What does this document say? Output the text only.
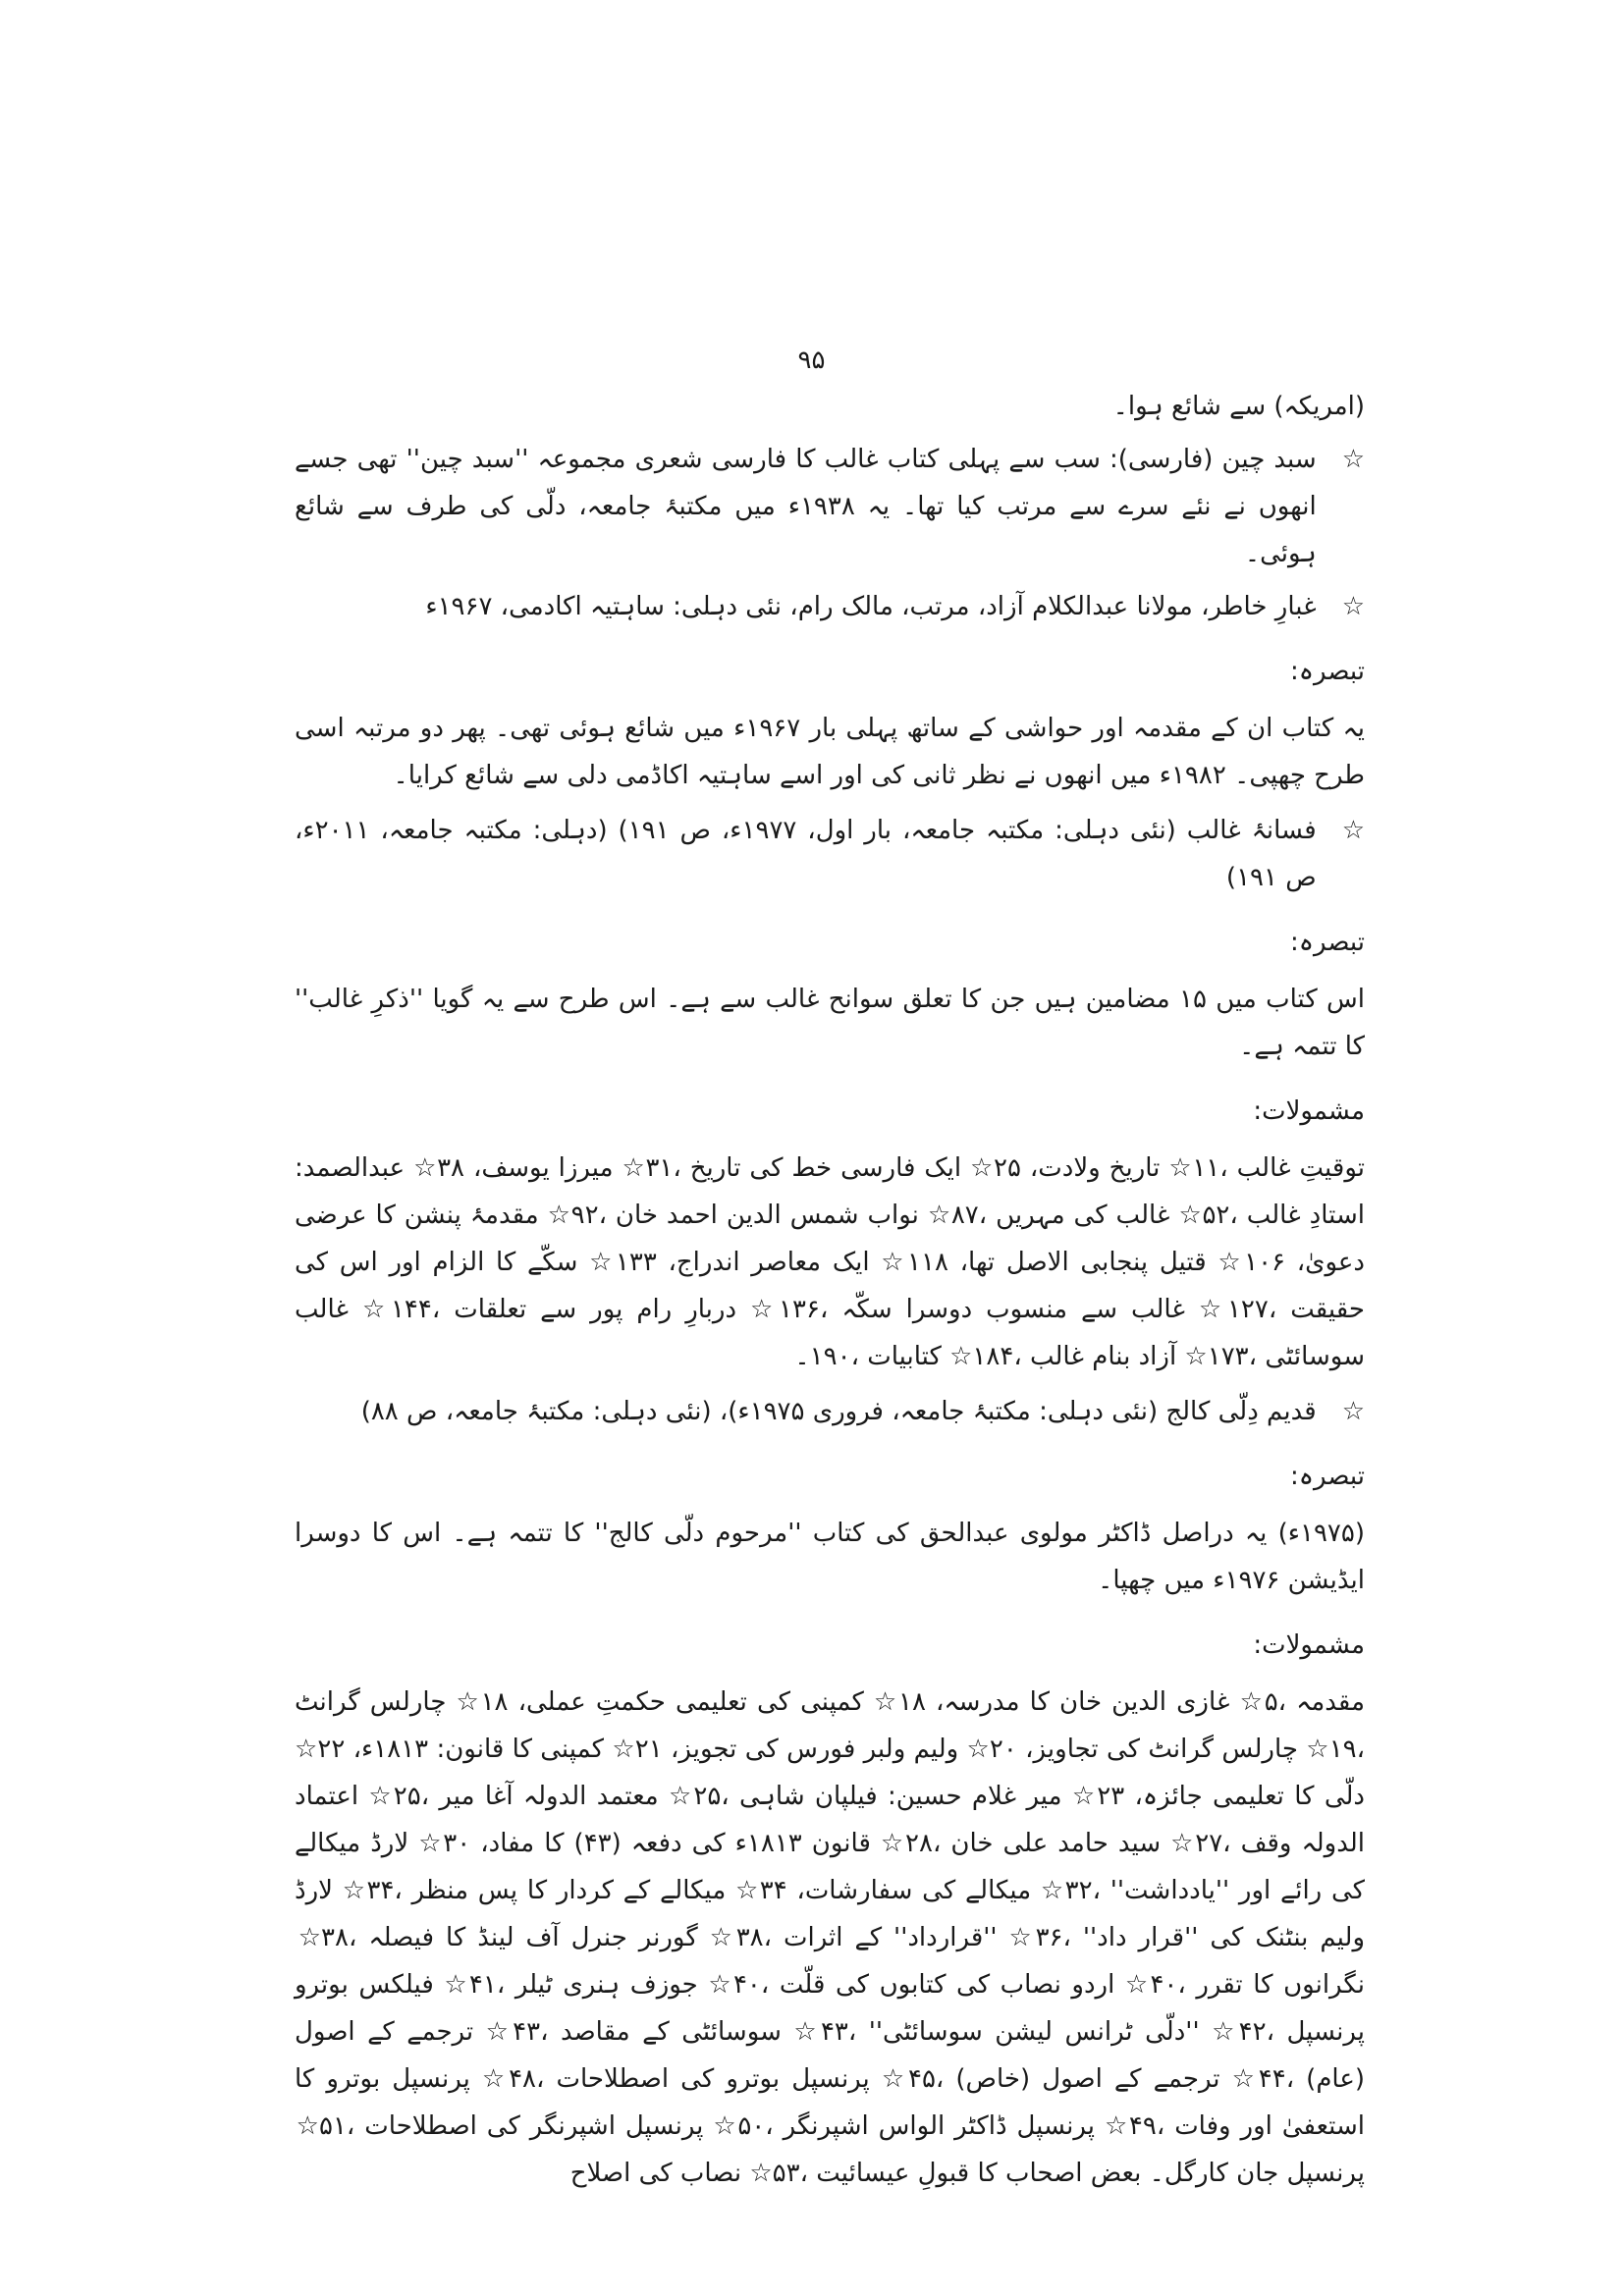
۹۵

(امریکہ) سے شائع ہوا۔

☆
سبد چین (فارسی): سب سے پہلی کتاب غالب کا فارسی شعری مجموعہ ''سبد چین'' تھی جسے انھوں نے نئے سرے سے مرتب کیا تھا۔ یہ ۱۹۳۸ء میں مکتبۂ جامعہ، دلّی کی طرف سے شائع ہوئی۔
☆
غبارِ خاطر، مولانا عبدالکلام آزاد، مرتب، مالک رام، نئی دہلی: ساہتیہ اکادمی، ۱۹۶۷ء

تبصرہ:

یہ کتاب ان کے مقدمہ اور حواشی کے ساتھ پہلی بار ۱۹۶۷ء میں شائع ہوئی تھی۔ پھر دو مرتبہ اسی طرح چھپی۔ ۱۹۸۲ء میں انھوں نے نظر ثانی کی اور اسے ساہتیہ اکاڈمی دلی سے شائع کرایا۔

☆
فسانۂ غالب (نئی دہلی: مکتبہ جامعہ، بار اول، ۱۹۷۷ء، ص ۱۹۱) (دہلی: مکتبہ جامعہ، ۲۰۱۱ء، ص ۱۹۱)

تبصرہ:

اس کتاب میں ۱۵ مضامین ہیں جن کا تعلق سوانح غالب سے ہے۔ اس طرح سے یہ گویا ''ذکرِ غالب'' کا تتمہ ہے۔

مشمولات:

توقیتِ غالب ،۱۱☆ تاریخ ولادت، ۲۵☆ ایک فارسی خط کی تاریخ ،۳۱☆ میرزا یوسف، ۳۸☆ عبدالصمد: استادِ غالب ،۵۲☆ غالب کی مہریں ،۸۷☆ نواب شمس الدین احمد خان ،۹۲☆ مقدمۂ پنشن کا عرضی دعویٰ، ۱۰۶☆ قتیل پنجابی الاصل تھا، ۱۱۸☆ ایک معاصر اندراج، ۱۳۳☆ سکّے کا الزام اور اس کی حقیقت ،۱۲۷☆ غالب سے منسوب دوسرا سکّہ ،۱۳۶☆ دربارِ رام پور سے تعلقات ،۱۴۴☆ غالب سوسائٹی ،۱۷۳☆ آزاد بنام غالب ،۱۸۴☆ کتابیات ،۱۹۰۔

☆
قدیم دِلّی کالج (نئی دہلی: مکتبۂ جامعہ، فروری ۱۹۷۵ء)، (نئی دہلی: مکتبۂ جامعہ، ص ۸۸)

تبصرہ:

(۱۹۷۵ء) یہ دراصل ڈاکٹر مولوی عبدالحق کی کتاب ''مرحوم دلّی کالج'' کا تتمہ ہے۔ اس کا دوسرا ایڈیشن ۱۹۷۶ء میں چھپا۔

مشمولات:

مقدمہ ،۵☆ غازی الدین خان کا مدرسہ، ۱۸☆ کمپنی کی تعلیمی حکمتِ عملی، ۱۸☆ چارلس گرانٹ ،۱۹☆ چارلس گرانٹ کی تجاویز، ۲۰☆ ولیم ولبر فورس کی تجویز، ۲۱☆ کمپنی کا قانون: ۱۸۱۳ء، ۲۲☆ دلّی کا تعلیمی جائزہ، ۲۳☆ میر غلام حسین: فیلپان شاہی ،۲۵☆ معتمد الدولہ آغا میر ،۲۵☆ اعتماد الدولہ وقف ،۲۷☆ سید حامد علی خان ،۲۸☆ قانون ۱۸۱۳ء کی دفعہ (۴۳) کا مفاد، ۳۰☆ لارڈ میکالے کی رائے اور ''یادداشت'' ،۳۲☆ میکالے کی سفارشات، ۳۴☆ میکالے کے کردار کا پس منظر ،۳۴☆ لارڈ ولیم بنٹنک کی ''قرار داد'' ،۳۶☆ ''قرارداد'' کے اثرات ،۳۸☆ گورنر جنرل آف لینڈ کا فیصلہ ،۳۸☆ نگرانوں کا تقرر ،۴۰☆ اردو نصاب کی کتابوں کی قلّت ،۴۰☆ جوزف ہنری ٹیلر ،۴۱☆ فیلکس بوترو پرنسپل ،۴۲☆ ''دلّی ٹرانس لیشن سوسائٹی'' ،۴۳☆ سوسائٹی کے مقاصد ،۴۳☆ ترجمے کے اصول (عام) ،۴۴☆ ترجمے کے اصول (خاص) ،۴۵☆ پرنسپل بوترو کی اصطلاحات ،۴۸☆ پرنسپل بوترو کا استعفیٰ اور وفات ،۴۹☆ پرنسپل ڈاکٹر الواس اشپرنگر ،۵۰☆ پرنسپل اشپرنگر کی اصطلاحات ،۵۱☆ پرنسپل جان کارگل۔ بعض اصحاب کا قبولِ عیسائیت ،۵۳☆ نصاب کی اصلاح
